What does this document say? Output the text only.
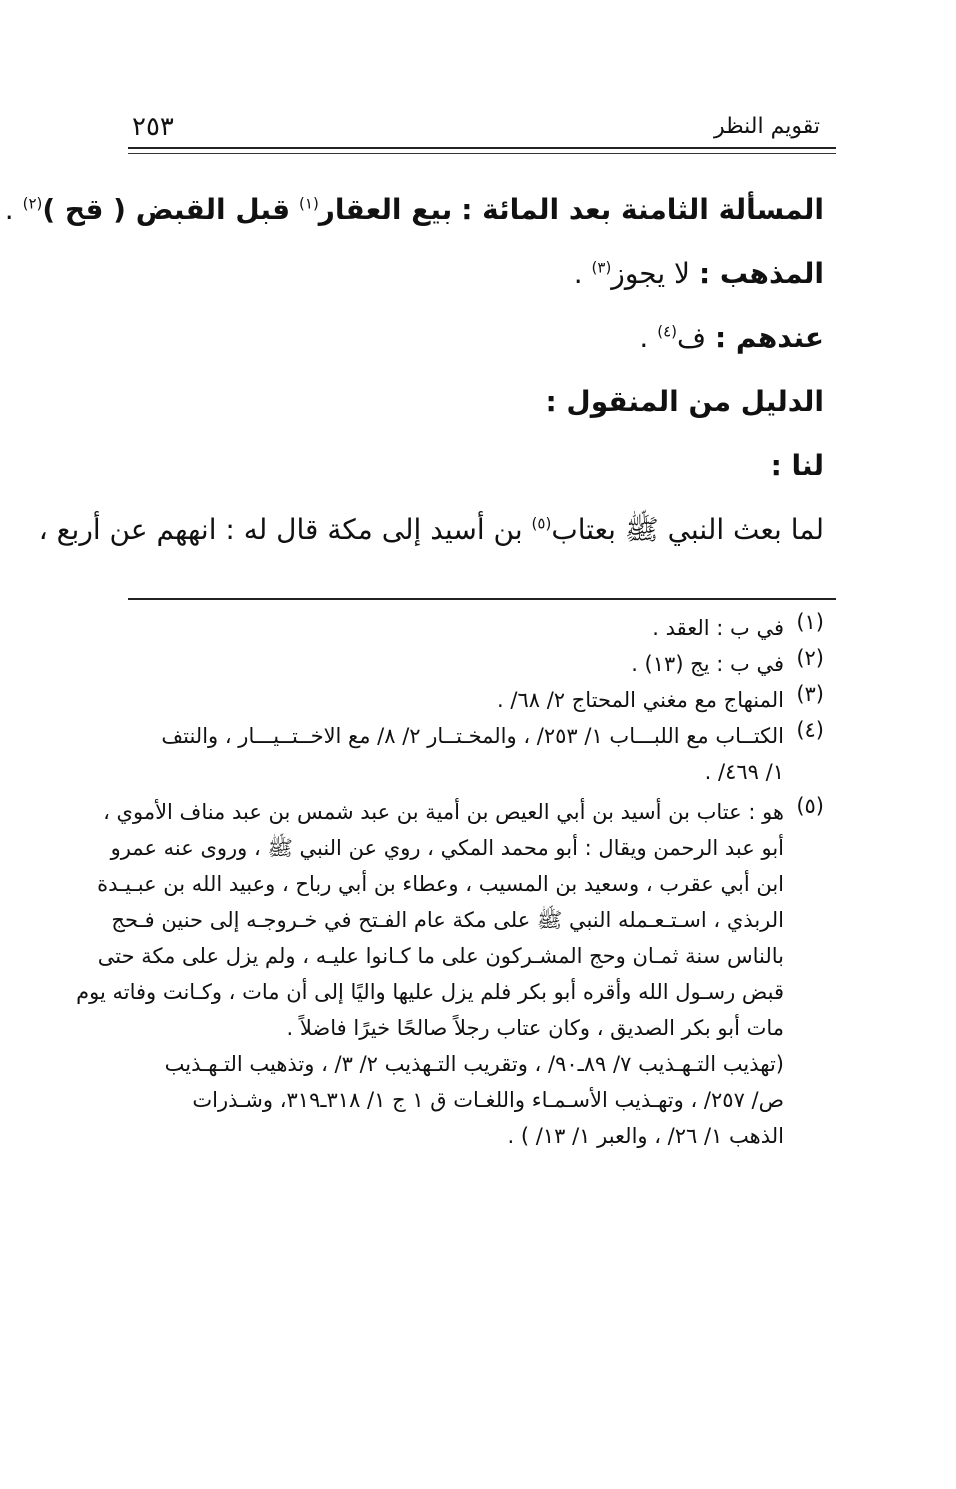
تقويم النظر
٢٥٣
المسألة الثامنة بعد المائة : بيع العقار$^{(١)}$ قبل القبض ( قح )$^{(٢)}$ .
المذهب : لا يجوز$^{(٣)}$ .
عندهم : ف$^{(٤)}$ .
الدليل من المنقول :
لنا :
لما بعث النبي ﷺ بعتاب$^{(٥)}$ بن أسيد إلى مكة قال له : انههم عن أربع ،
(١)
في ب : العقد .
(٢)
في ب : يج (١٣) .
(٣)
المنهاج مع مغني المحتاج ٢/ ٦٨/ .
(٤)
الكتــاب مع اللبـــاب ١/ ٢٥٣/ ، والمخـتــار ٢/ ٨/ مع الاخــتــيـــار ، والنتف
١/ ٤٦٩/ .
(٥)
هو : عتاب بن أسيد بن أبي العيص بن أمية بن عبد شمس بن عبد مناف الأموي ،
أبو عبد الرحمن ويقال : أبو محمد المكي ، روي عن النبي ﷺ ، وروى عنه عمرو
ابن أبي عقرب ، وسعيد بن المسيب ، وعطاء بن أبي رباح ، وعبيد الله بن عبـيـدة
الربذي ، اسـتـعـمله النبي ﷺ على مكة عام الفـتح في خـروجـه إلى حنين فـحج
بالناس سنة ثمـان وحج المشـركون على ما كـانوا عليـه ، ولم يزل على مكة حتى
قبض رسـول الله وأقره أبو بكر فلم يزل عليها واليًا إلى أن مات ، وكـانت وفاته يوم
مات أبو بكر الصديق ، وكان عتاب رجلاً صالحًا خيرًا فاضلاً .
(تهذيب التـهـذيب ٧/ ٨٩ـ٩٠/ ، وتقريب التـهذيب ٢/ ٣/ ، وتذهيب التـهـذيب
ص/ ٢٥٧/ ، وتهـذيب الأسـمـاء واللغـات ق ١ ج ١/ ٣١٨ـ٣١٩، وشـذرات
الذهب ١/ ٢٦/ ، والعبر ١/ ١٣/ ) .
